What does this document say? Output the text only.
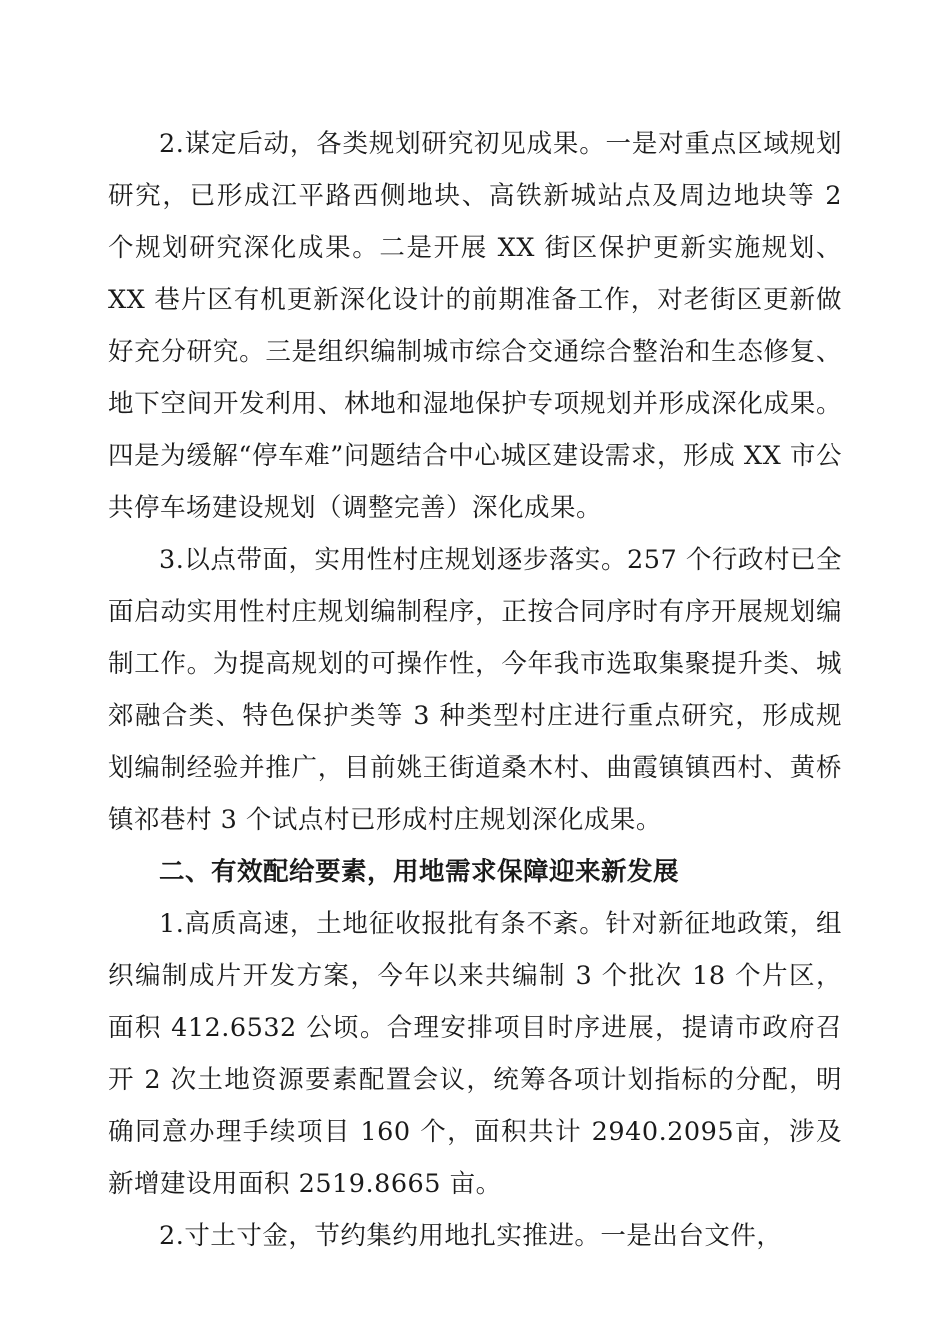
2.谋定后动，各类规划研究初见成果。一是对重点区域规划研究，已形成江平路西侧地块、高铁新城站点及周边地块等 2 个规划研究深化成果。二是开展 XX 街区保护更新实施规划、XX 巷片区有机更新深化设计的前期准备工作，对老街区更新做好充分研究。三是组织编制城市综合交通综合整治和生态修复、地下空间开发利用、林地和湿地保护专项规划并形成深化成果。四是为缓解“停车难”问题结合中心城区建设需求，形成 XX 市公共停车场建设规划（调整完善）深化成果。

3.以点带面，实用性村庄规划逐步落实。257 个行政村已全面启动实用性村庄规划编制程序，正按合同序时有序开展规划编制工作。为提高规划的可操作性，今年我市选取集聚提升类、城郊融合类、特色保护类等 3 种类型村庄进行重点研究，形成规划编制经验并推广，目前姚王街道桑木村、曲霞镇镇西村、黄桥镇祁巷村 3 个试点村已形成村庄规划深化成果。

二、有效配给要素，用地需求保障迎来新发展

1.高质高速，土地征收报批有条不紊。针对新征地政策，组织编制成片开发方案，今年以来共编制 3 个批次 18 个片区，面积 412.6532 公顷。合理安排项目时序进展，提请市政府召开 2 次土地资源要素配置会议，统筹各项计划指标的分配，明确同意办理手续项目 160 个，面积共计 2940.2095亩，涉及新增建设用面积 2519.8665 亩。

2.寸土寸金，节约集约用地扎实推进。一是出台文件，
